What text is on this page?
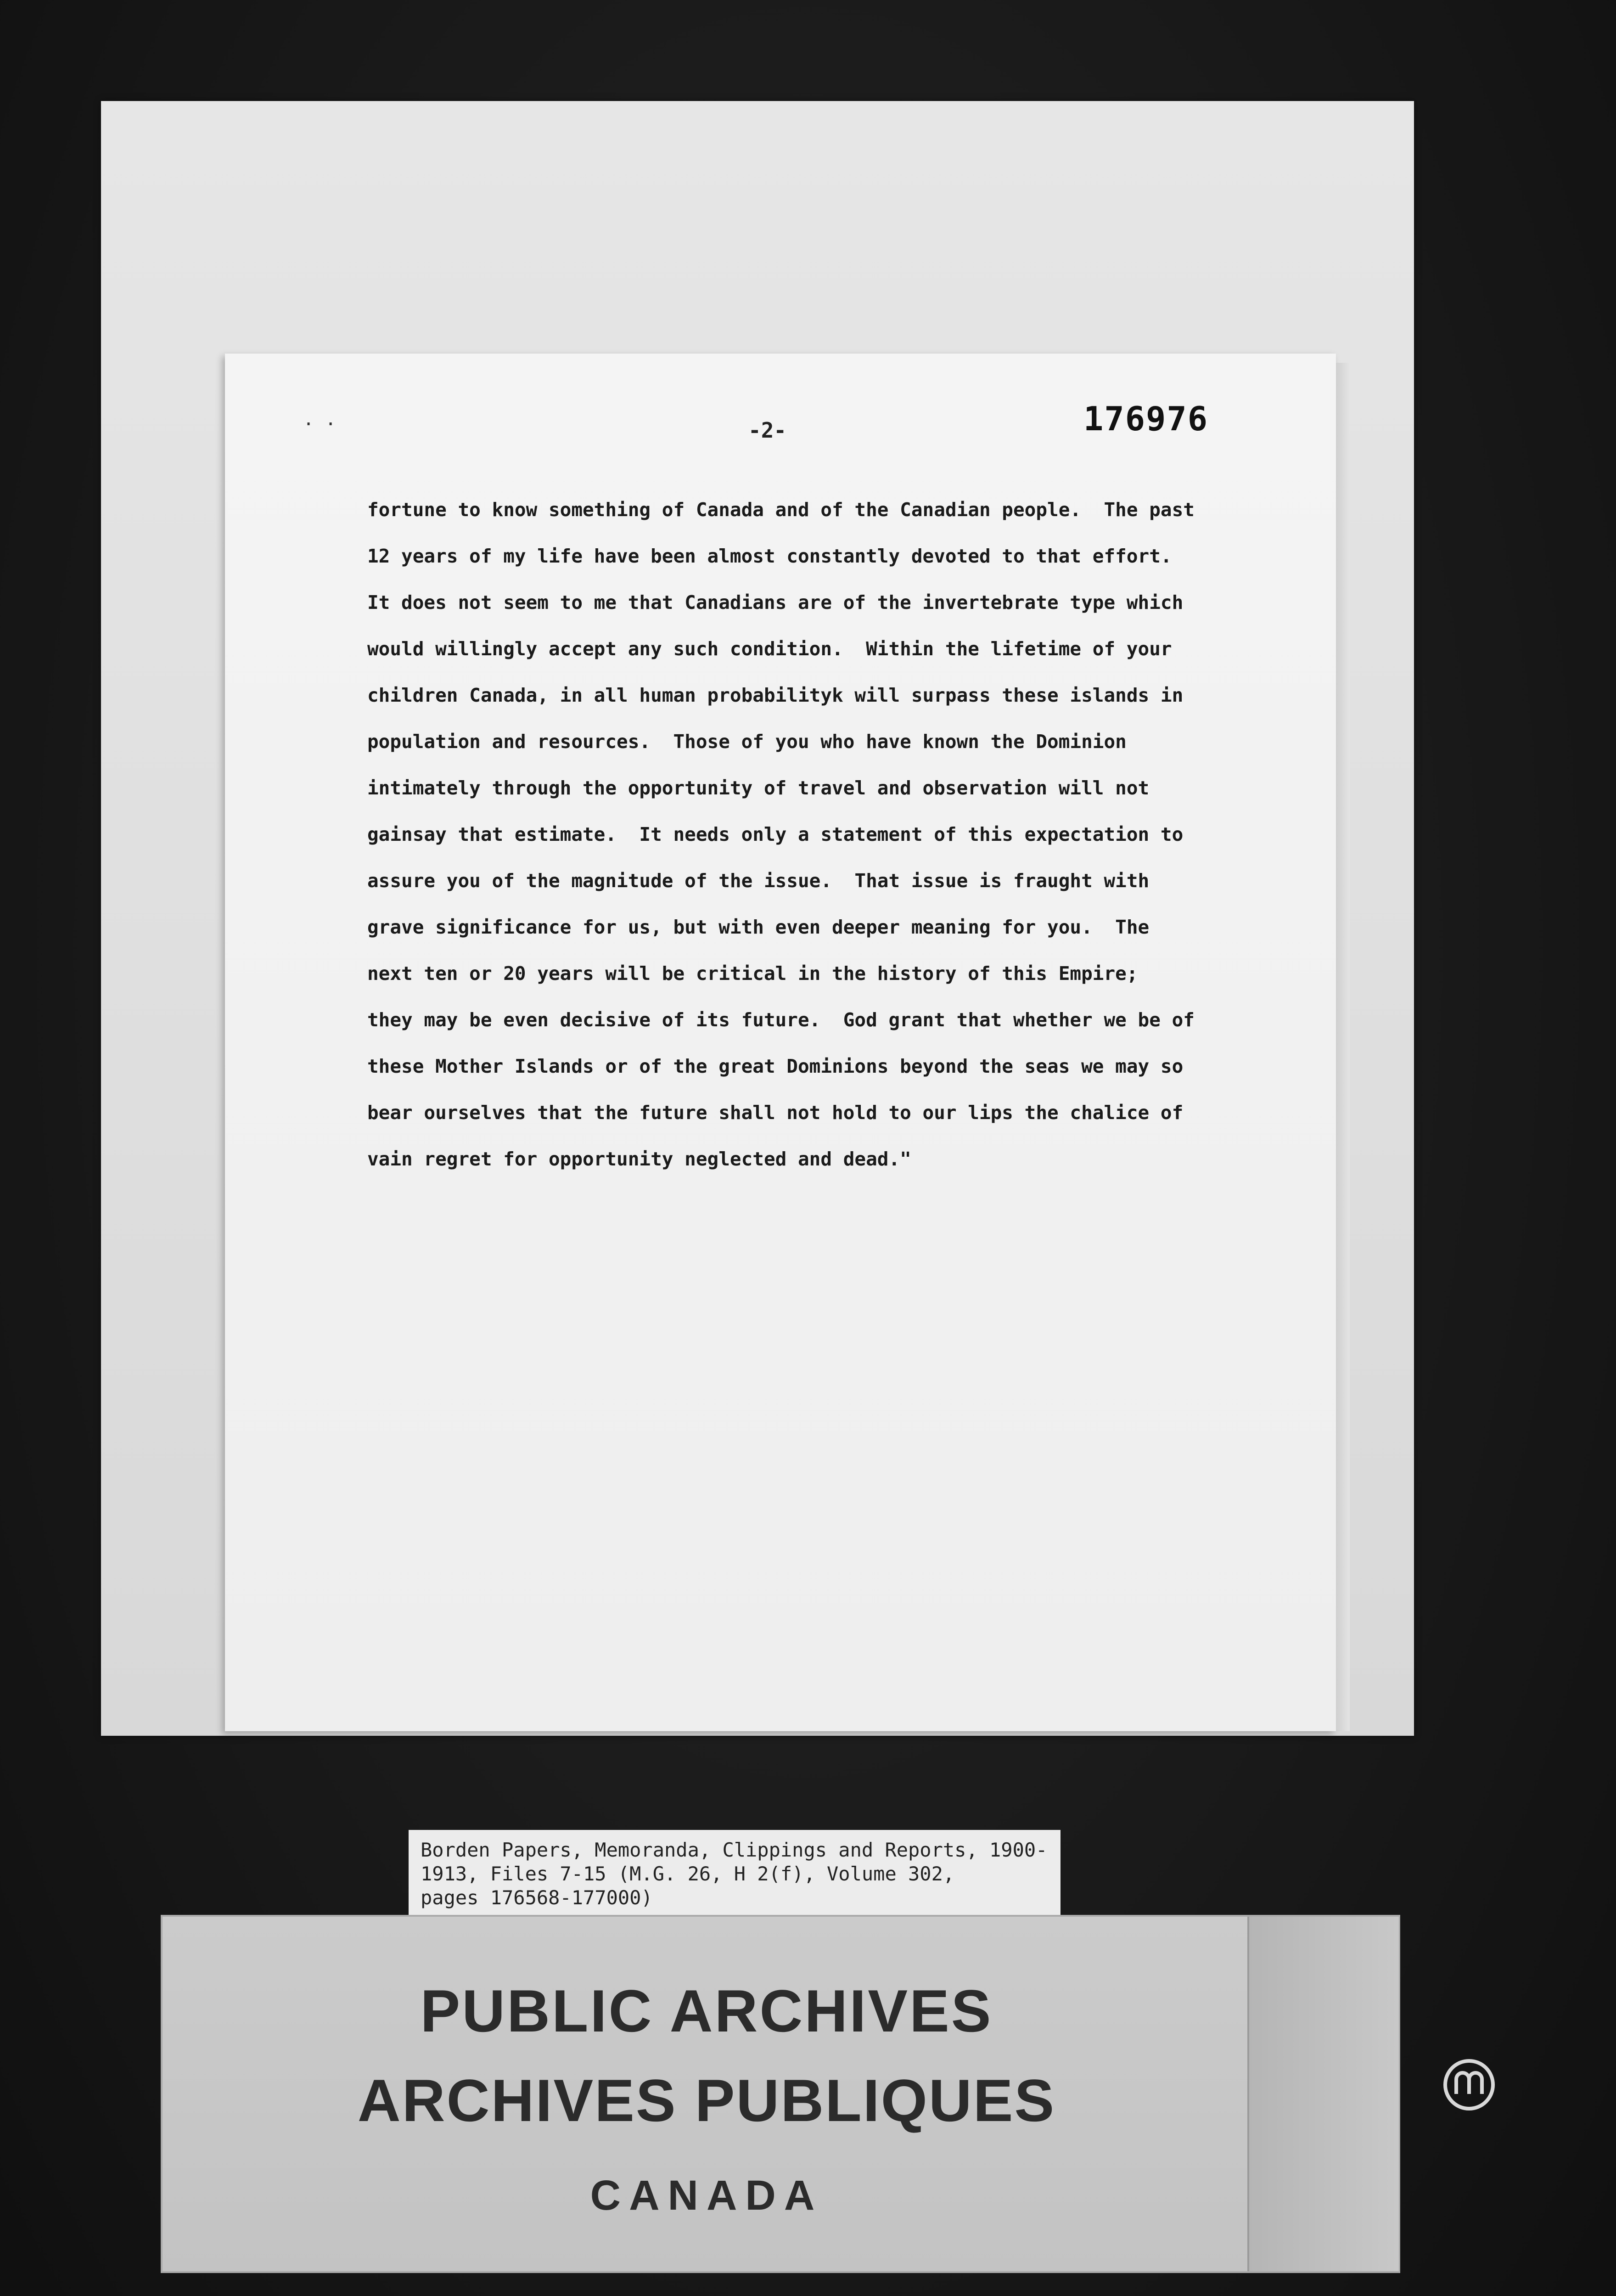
. .	-2-	176976
fortune to know something of Canada and of the Canadian people.  The past
12 years of my life have been almost constantly devoted to that effort.
It does not seem to me that Canadians are of the invertebrate type which
would willingly accept any such condition.  Within the lifetime of your
children Canada, in all human probabilityk will surpass these islands in
population and resources.  Those of you who have known the Dominion
intimately through the opportunity of travel and observation will not
gainsay that estimate.  It needs only a statement of this expectation to
assure you of the magnitude of the issue.  That issue is fraught with
grave significance for us, but with even deeper meaning for you.  The
next ten or 20 years will be critical in the history of this Empire;
they may be even decisive of its future.  God grant that whether we be of
these Mother Islands or of the great Dominions beyond the seas we may so
bear ourselves that the future shall not hold to our lips the chalice of
vain regret for opportunity neglected and dead."
Borden Papers, Memoranda, Clippings and Reports, 1900-
1913, Files 7-15 (M.G. 26, H 2(f), Volume 302,
pages 176568-177000)
PUBLIC ARCHIVES
ARCHIVES PUBLIQUES
CANADA
